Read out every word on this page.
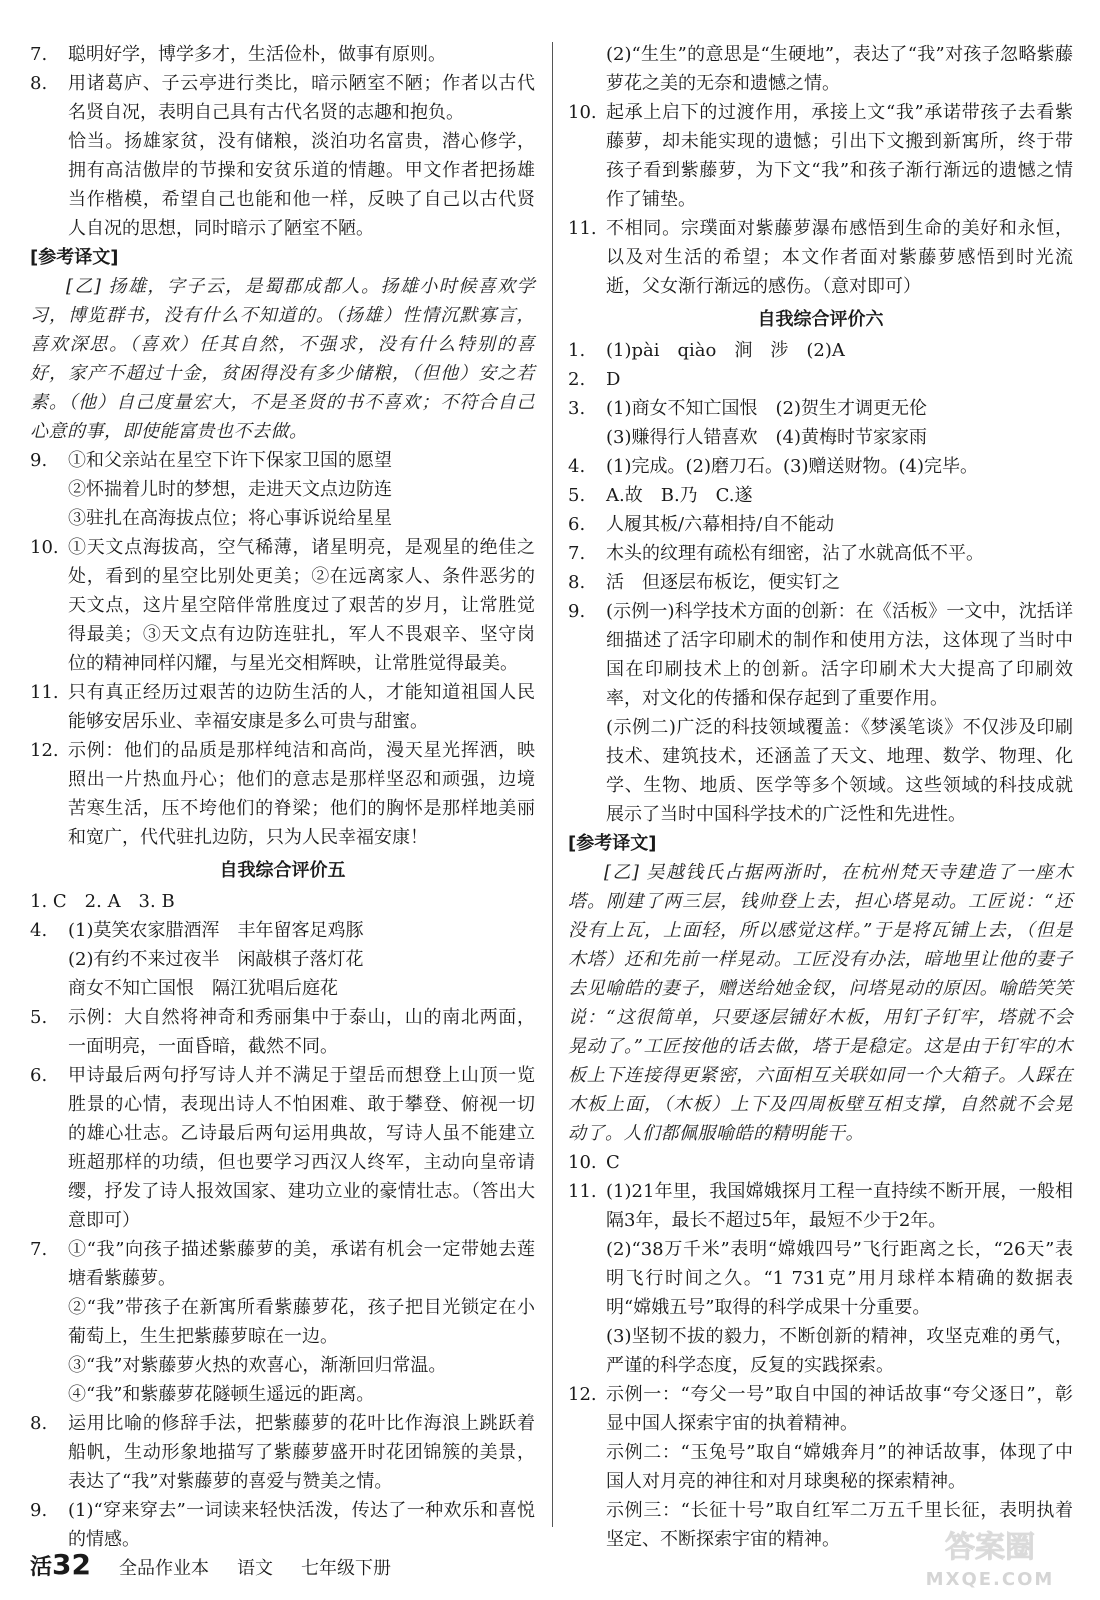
7.	聪明好学，博学多才，生活俭朴，做事有原则。
8.	用诸葛庐、子云亭进行类比，暗示陋室不陋；作者以古代名贤自况，表明自己具有古代名贤的志趣和抱负。
恰当。扬雄家贫，没有储粮，淡泊功名富贵，潜心修学，拥有高洁傲岸的节操和安贫乐道的情趣。甲文作者把扬雄当作楷模，希望自己也能和他一样，反映了自己以古代贤人自况的思想，同时暗示了陋室不陋。
[参考译文]
[乙] 扬雄，字子云，是蜀郡成都人。扬雄小时候喜欢学习，博览群书，没有什么不知道的。（扬雄）性情沉默寡言，喜欢深思。（喜欢）任其自然，不强求，没有什么特别的喜好，家产不超过十金，贫困得没有多少储粮，（但他）安之若素。（他）自己度量宏大，不是圣贤的书不喜欢；不符合自己心意的事，即使能富贵也不去做。
9.	①和父亲站在星空下许下保家卫国的愿望
②怀揣着儿时的梦想，走进天文点边防连
③驻扎在高海拔点位；将心事诉说给星星
10. ①天文点海拔高，空气稀薄，诸星明亮，是观星的绝佳之处，看到的星空比别处更美；②在远离家人、条件恶劣的天文点，这片星空陪伴常胜度过了艰苦的岁月，让常胜觉得最美；③天文点有边防连驻扎，军人不畏艰辛、坚守岗位的精神同样闪耀，与星光交相辉映，让常胜觉得最美。
11. 只有真正经历过艰苦的边防生活的人，才能知道祖国人民能够安居乐业、幸福安康是多么可贵与甜蜜。
12. 示例：他们的品质是那样纯洁和高尚，漫天星光挥洒，映照出一片热血丹心；他们的意志是那样坚忍和顽强，边境苦寒生活，压不垮他们的脊梁；他们的胸怀是那样地美丽和宽广，代代驻扎边防，只为人民幸福安康！
自我综合评价五
1. C　2. A　3. B
4.	(1)莫笑农家腊酒浑　丰年留客足鸡豚
(2)有约不来过夜半　闲敲棋子落灯花
商女不知亡国恨　隔江犹唱后庭花
5.	示例：大自然将神奇和秀丽集中于泰山，山的南北两面，一面明亮，一面昏暗，截然不同。
6.	甲诗最后两句抒写诗人并不满足于望岳而想登上山顶一览胜景的心情，表现出诗人不怕困难、敢于攀登、俯视一切的雄心壮志。乙诗最后两句运用典故，写诗人虽不能建立班超那样的功绩，但也要学习西汉人终军，主动向皇帝请缨，抒发了诗人报效国家、建功立业的豪情壮志。（答出大意即可）
7.	①“我”向孩子描述紫藤萝的美，承诺有机会一定带她去莲塘看紫藤萝。
②“我”带孩子在新寓所看紫藤萝花，孩子把目光锁定在小葡萄上，生生把紫藤萝晾在一边。
③“我”对紫藤萝火热的欢喜心，渐渐回归常温。
④“我”和紫藤萝花隧顿生遥远的距离。
8.	运用比喻的修辞手法，把紫藤萝的花叶比作海浪上跳跃着船帆，生动形象地描写了紫藤萝盛开时花团锦簇的美景，表达了“我”对紫藤萝的喜爱与赞美之情。
9.	(1)“穿来穿去”一词读来轻快活泼，传达了一种欢乐和喜悦的情感。
(2)“生生”的意思是“生硬地”，表达了“我”对孩子忽略紫藤萝花之美的无奈和遗憾之情。
10. 起承上启下的过渡作用，承接上文“我”承诺带孩子去看紫藤萝，却未能实现的遗憾；引出下文搬到新寓所，终于带孩子看到紫藤萝，为下文“我”和孩子渐行渐远的遗憾之情作了铺垫。
11. 不相同。宗璞面对紫藤萝瀑布感悟到生命的美好和永恒，以及对生活的希望；本文作者面对紫藤萝感悟到时光流逝，父女渐行渐远的感伤。（意对即可）
自我综合评价六
1.	(1)pài　qiào　涧　涉　(2)A
2.	D
3.	(1)商女不知亡国恨　(2)贺生才调更无伦
(3)赚得行人错喜欢　(4)黄梅时节家家雨
4.	(1)完成。(2)磨刀石。(3)赠送财物。(4)完毕。
5.	A.故　B.乃　C.遂
6.	人履其板/六幕相持/自不能动
7.	木头的纹理有疏松有细密，沾了水就高低不平。
8.	活　但逐层布板讫，便实钉之
9.	(示例一)科学技术方面的创新：在《活板》一文中，沈括详细描述了活字印刷术的制作和使用方法，这体现了当时中国在印刷技术上的创新。活字印刷术大大提高了印刷效率，对文化的传播和保存起到了重要作用。
(示例二)广泛的科技领域覆盖：《梦溪笔谈》不仅涉及印刷技术、建筑技术，还涵盖了天文、地理、数学、物理、化学、生物、地质、医学等多个领域。这些领域的科技成就展示了当时中国科学技术的广泛性和先进性。
[参考译文]
[乙] 吴越钱氏占据两浙时，在杭州梵天寺建造了一座木塔。刚建了两三层，钱帅登上去，担心塔晃动。工匠说：“还没有上瓦，上面轻，所以感觉这样。”于是将瓦铺上去，（但是木塔）还和先前一样晃动。工匠没有办法，暗地里让他的妻子去见喻皓的妻子，赠送给她金钗，问塔晃动的原因。喻皓笑笑说：“这很简单，只要逐层铺好木板，用钉子钉牢，塔就不会晃动了。”工匠按他的话去做，塔于是稳定。这是由于钉牢的木板上下连接得更紧密，六面相互关联如同一个大箱子。人踩在木板上面，（木板）上下及四周板壁互相支撑，自然就不会晃动了。人们都佩服喻皓的精明能干。
10. C
11. (1)21年里，我国嫦娥探月工程一直持续不断开展，一般相隔3年，最长不超过5年，最短不少于2年。
(2)“38万千米”表明“嫦娥四号”飞行距离之长，“26天”表明飞行时间之久。“1 731克”用月球样本精确的数据表明“嫦娥五号”取得的科学成果十分重要。
(3)坚韧不拔的毅力，不断创新的精神，攻坚克难的勇气，严谨的科学态度，反复的实践探索。
12. 示例一：“夸父一号”取自中国的神话故事“夸父逐日”，彰显中国人探索宇宙的执着精神。
示例二：“玉兔号”取自“嫦娥奔月”的神话故事，体现了中国人对月亮的神往和对月球奥秘的探索精神。
示例三：“长征十号”取自红军二万五千里长征，表明执着坚定、不断探索宇宙的精神。
活32 全品作业本 语文 七年级下册
答案圈
MXQE.COM
